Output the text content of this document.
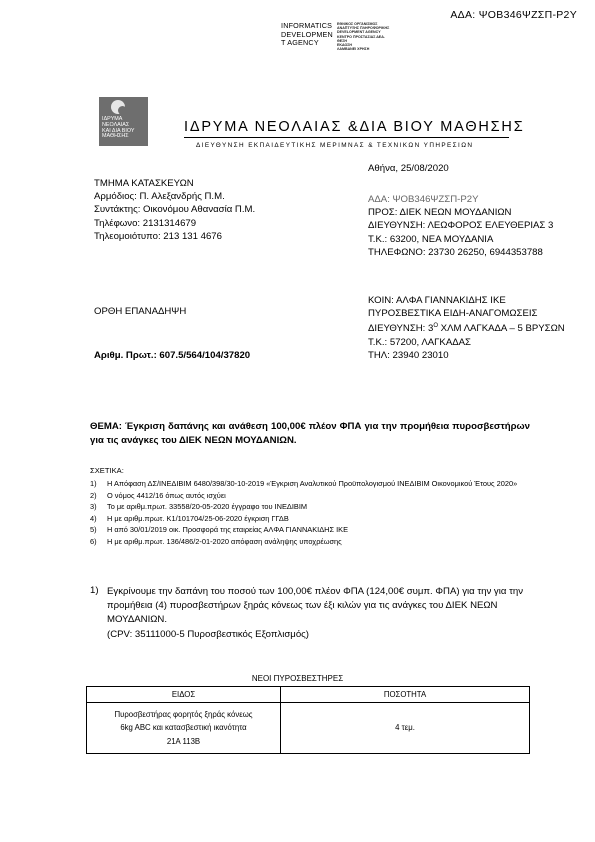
ΑΔΑ: ΨΟΒ346ΨΖΣΠ-Ρ2Υ
INFORMATICS
DEVELOPMEN
T AGENCY
ΕΘΝΙΚΟΣ ΟΡΓΑΝΙΣΜΟΣ
ΑΝΑΠΤΥΞΗΣ ΠΛΗΡΟΦΟΡΙΚΗΣ
DEVELOPMENT AGENCY
ΚΕΝΤΡΟ ΠΡΟΣΤΑΣΙΑΣ ΔΕΔ.
ΘΕΣΗ
ΕΚΔΟΣΗ
ΛΑΜΒΑΝΕΙ ΧΡΗΣΗ
ΙΔΡΥΜΑ
ΝΕΟΛΑΙΑΣ
ΚΑΙ ΔΙΑ ΒΙΟΥ
ΜΑΘΗΣΗΣ
ΙΔΡΥΜΑ ΝΕΟΛΑΙΑΣ &ΔΙΑ ΒΙΟΥ ΜΑΘΗΣΗΣ
ΔΙΕΥΘΥΝΣΗ ΕΚΠΑΙΔΕΥΤΙΚΗΣ ΜΕΡΙΜΝΑΣ & ΤΕΧΝΙΚΩΝ ΥΠΗΡΕΣΙΩΝ
Αθήνα, 25/08/2020
ΤΜΗΜΑ ΚΑΤΑΣΚΕΥΩΝ
Αρμόδιος: Π. Αλεξανδρής Π.Μ.
Συντάκτης: Οικονόμου Αθανασία Π.Μ.
Τηλέφωνο: 2131314679
Τηλεομοιότυπο: 213 131 4676
ΑΔΑ: ΨΟΒ346ΨΖΣΠ-Ρ2Υ
ΠΡΟΣ: ΔΙΕΚ ΝΕΩΝ ΜΟΥΔΑΝΙΩΝ
ΔΙΕΥΘΥΝΣΗ: ΛΕΩΦΟΡΟΣ ΕΛΕΥΘΕΡΙΑΣ 3
Τ.Κ.: 63200, ΝΕΑ ΜΟΥΔΑΝΙΑ
ΤΗΛΕΦΩΝΟ: 23730 26250, 6944353788
ΟΡΘΗ ΕΠΑΝΑΔΗΨΗ
Αριθμ. Πρωτ.: 607.5/564/104/37820
ΚΟΙΝ: ΑΛΦΑ ΓΙΑΝΝΑΚΙΔΗΣ ΙΚΕ
ΠΥΡΟΣΒΕΣΤΙΚΑ ΕΙΔΗ-ΑΝΑΓΟΜΩΣΕΙΣ
ΔΙΕΥΘΥΝΣΗ: $3^O$ ΧΛΜ ΛΑΓΚΑΔΑ – 5 ΒΡΥΣΩΝ
Τ.Κ.: 57200, ΛΑΓΚΑΔΑΣ
ΤΗΛ: 23940 23010
ΘΕΜΑ: Έγκριση δαπάνης και ανάθεση 100,00€ πλέον ΦΠΑ για την προμήθεια πυροσβεστήρων για τις ανάγκες του ΔΙΕΚ ΝΕΩΝ ΜΟΥΔΑΝΙΩΝ.
ΣΧΕΤΙΚΑ:
1) Η Απόφαση ΔΣ/ΙΝΕΔΙΒΙΜ 6480/398/30-10-2019 «Έγκριση Αναλυτικού Προϋπολογισμού ΙΝΕΔΙΒΙΜ Οικονομικού Έτους 2020»
2) Ο νόμος 4412/16 όπως αυτός ισχύει
3) Το με αριθμ.πρωτ. 33558/20-05-2020 έγγραφο του ΙΝΕΔΙΒΙΜ
4) Η με αριθμ.πρωτ. Κ1/101704/25-06-2020 έγκριση ΓΓΔΒ
5) Η από 30/01/2019 οικ. Προσφορά της εταιρείας ΑΛΦΑ ΓΙΑΝΝΑΚΙΔΗΣ ΙΚΕ
6) Η με αριθμ.πρωτ. 136/486/2-01-2020 απόφαση ανάληψης υποχρέωσης
1) Εγκρίνουμε την δαπάνη του ποσού των 100,00€ πλέον ΦΠΑ (124,00€ συμπ. ΦΠΑ) για την για την προμήθεια (4) πυροσβεστήρων ξηράς κόνεως των έξι κιλών για τις ανάγκες του ΔΙΕΚ ΝΕΩΝ ΜΟΥΔΑΝΙΩΝ.
(CPV: 35111000-5 Πυροσβεστικός Εξοπλισμός)
ΝΕΟΙ ΠΥΡΟΣΒΕΣΤΗΡΕΣ
ΕΙΔΟΣ	ΠΟΣΟΤΗΤΑ

Πυροσβεστήρας φορητός ξηράς κόνεως
6kg ABC και κατασβεστική ικανότητα
21A 113B	4 τεμ.
